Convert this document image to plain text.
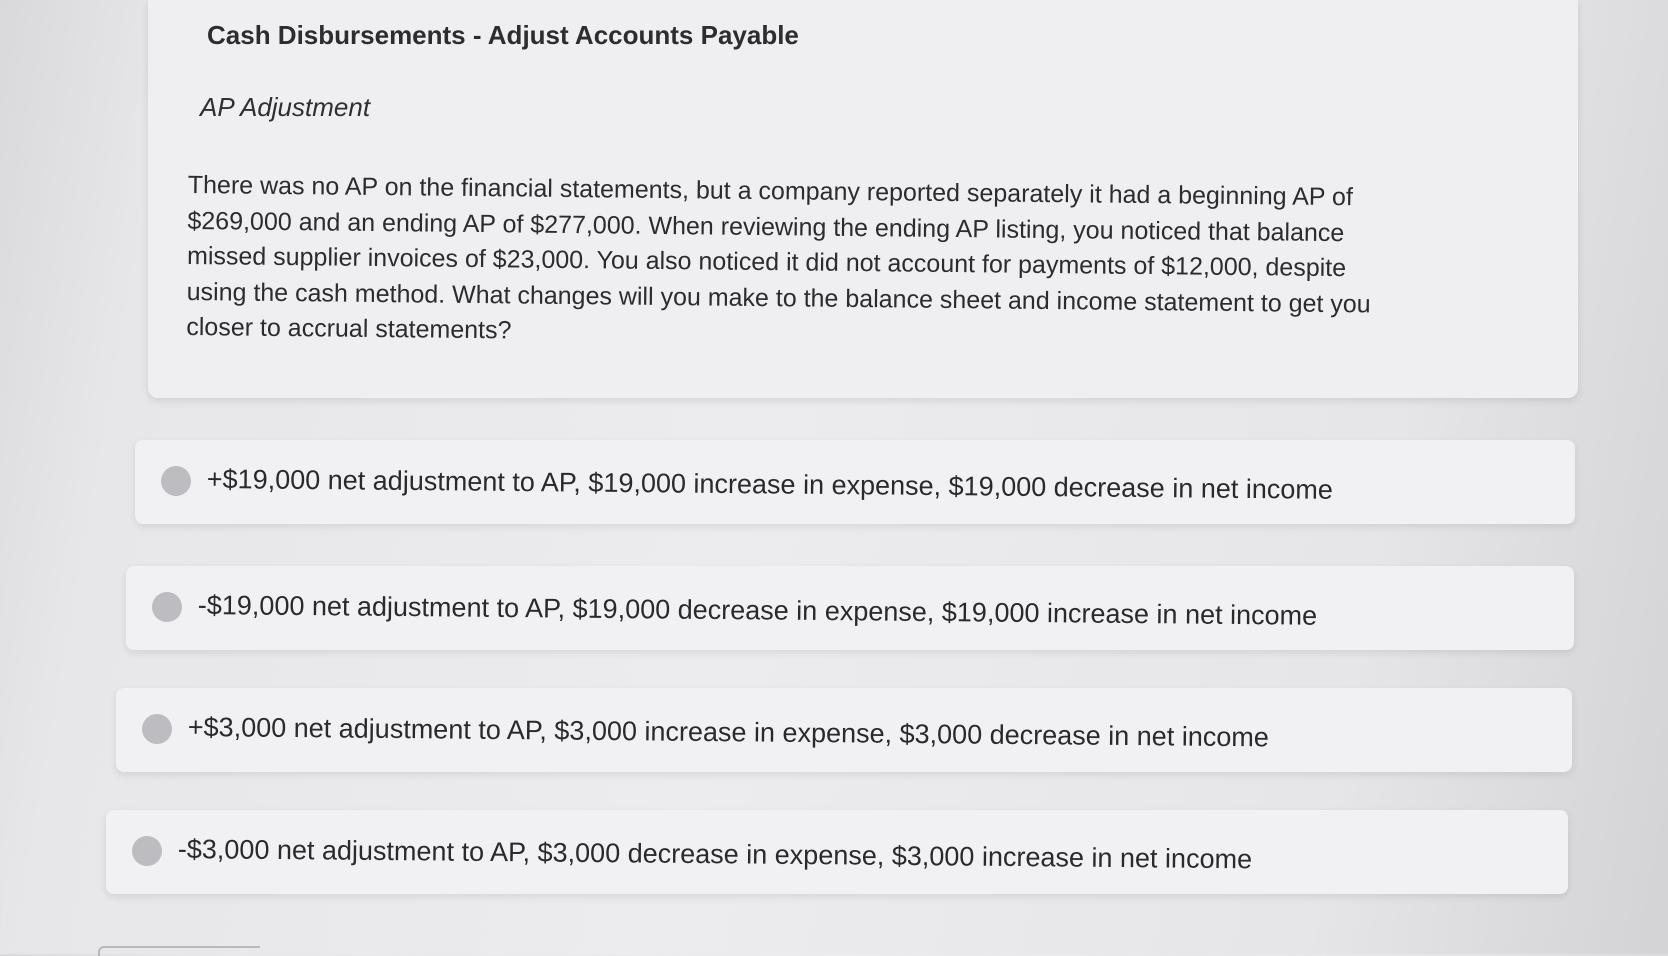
Cash Disbursements - Adjust Accounts Payable
AP Adjustment
There was no AP on the financial statements, but a company reported separately it had a beginning AP of
$269,000 and an ending AP of $277,000. When reviewing the ending AP listing, you noticed that balance
missed supplier invoices of $23,000. You also noticed it did not account for payments of $12,000, despite
using the cash method. What changes will you make to the balance sheet and income statement to get you
closer to accrual statements?
+$19,000 net adjustment to AP, $19,000 increase in expense, $19,000 decrease in net income
-$19,000 net adjustment to AP, $19,000 decrease in expense, $19,000 increase in net income
+$3,000 net adjustment to AP, $3,000 increase in expense, $3,000 decrease in net income
-$3,000 net adjustment to AP, $3,000 decrease in expense, $3,000 increase in net income
